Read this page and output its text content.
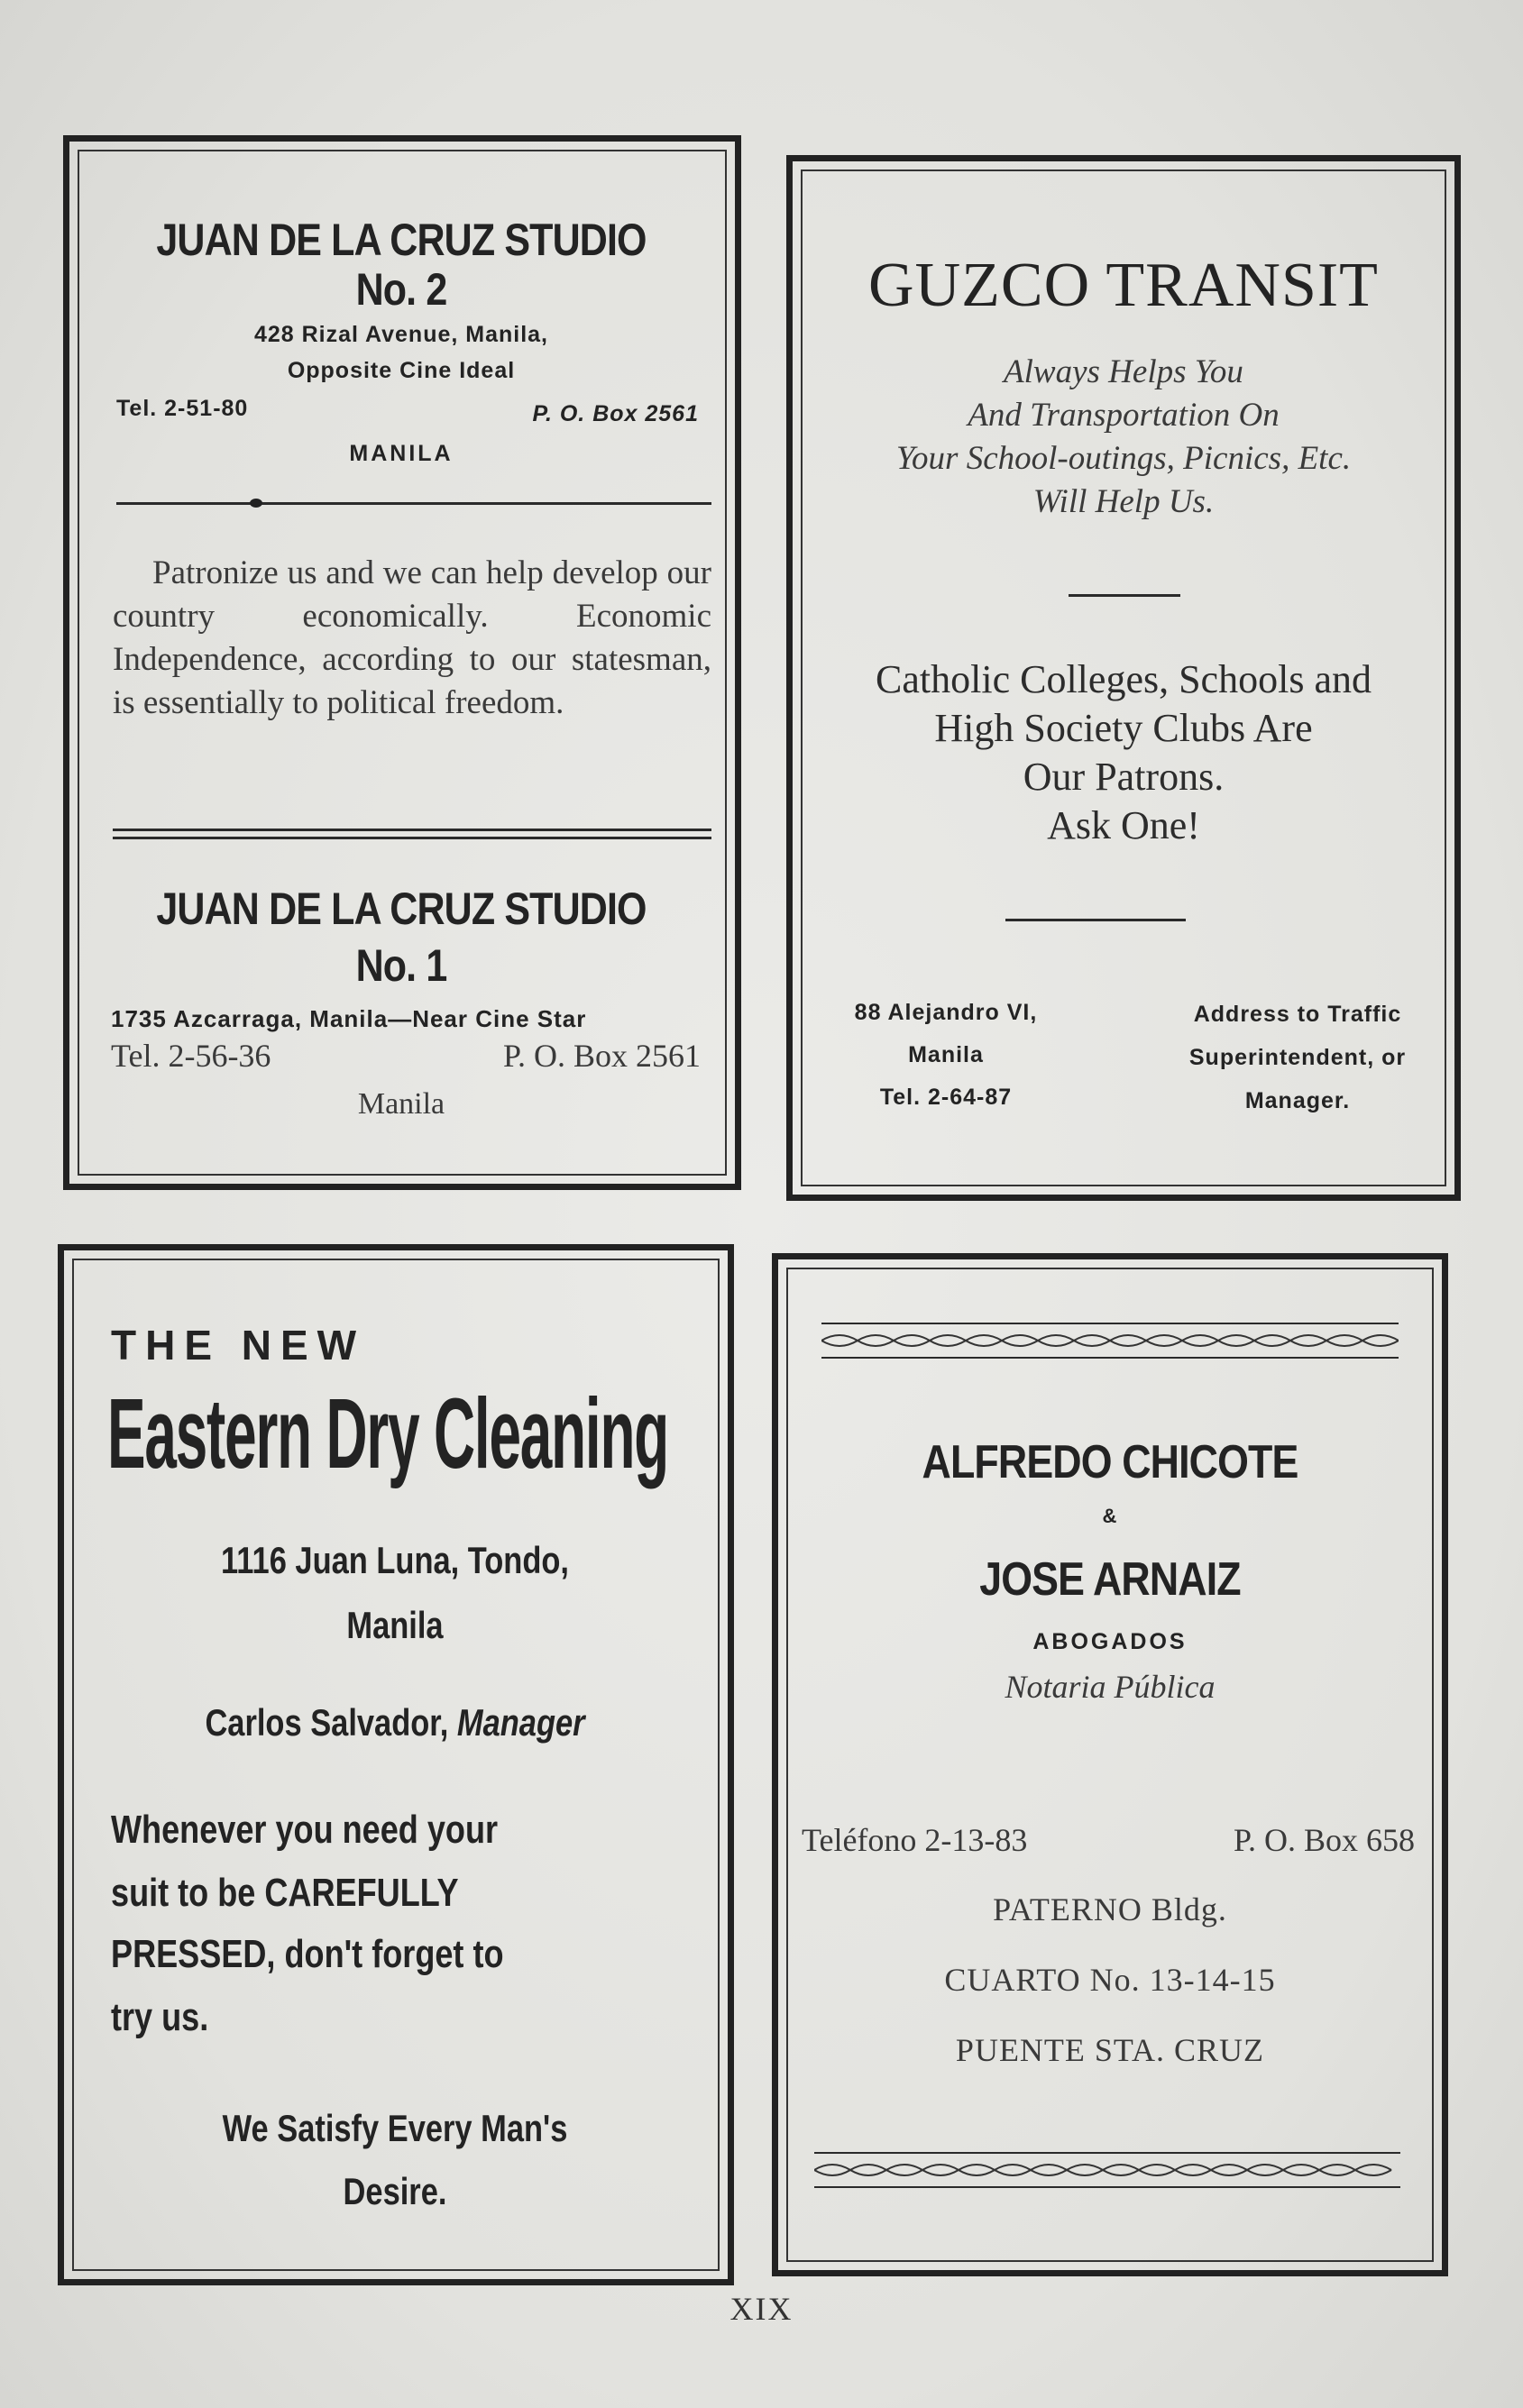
JUAN DE LA CRUZ STUDIO
No. 2
428 Rizal Avenue, Manila,
Opposite Cine Ideal
Tel. 2-51-80	P. O. Box 2561
MANILA
Patronize us and we can help develop our country economically. Economic Independence, according to our statesman, is essentially to political freedom.
JUAN DE LA CRUZ STUDIO
No. 1
1735 Azcarraga, Manila—Near Cine Star
Tel. 2-56-36	P. O. Box 2561
Manila
GUZCO TRANSIT
Always Helps You
And Transportation On
Your School-outings, Picnics, Etc.
Will Help Us.
Catholic Colleges, Schools and
High Society Clubs Are
Our Patrons.
Ask One!
88 Alejandro VI,
Manila
Tel. 2-64-87
Address to Traffic
Superintendent, or
Manager.
THE NEW
Eastern Dry Cleaning
1116 Juan Luna, Tondo,
Manila
Carlos Salvador, Manager
Whenever you need your
suit to be CAREFULLY
PRESSED, don't forget to
try us.
We Satisfy Every Man's
Desire.
ALFREDO CHICOTE
&
JOSE ARNAIZ
ABOGADOS
Notaria Pública
Teléfono 2-13-83	P. O. Box 658
PATERNO Bldg.
CUARTO No. 13-14-15
PUENTE STA. CRUZ
XIX
